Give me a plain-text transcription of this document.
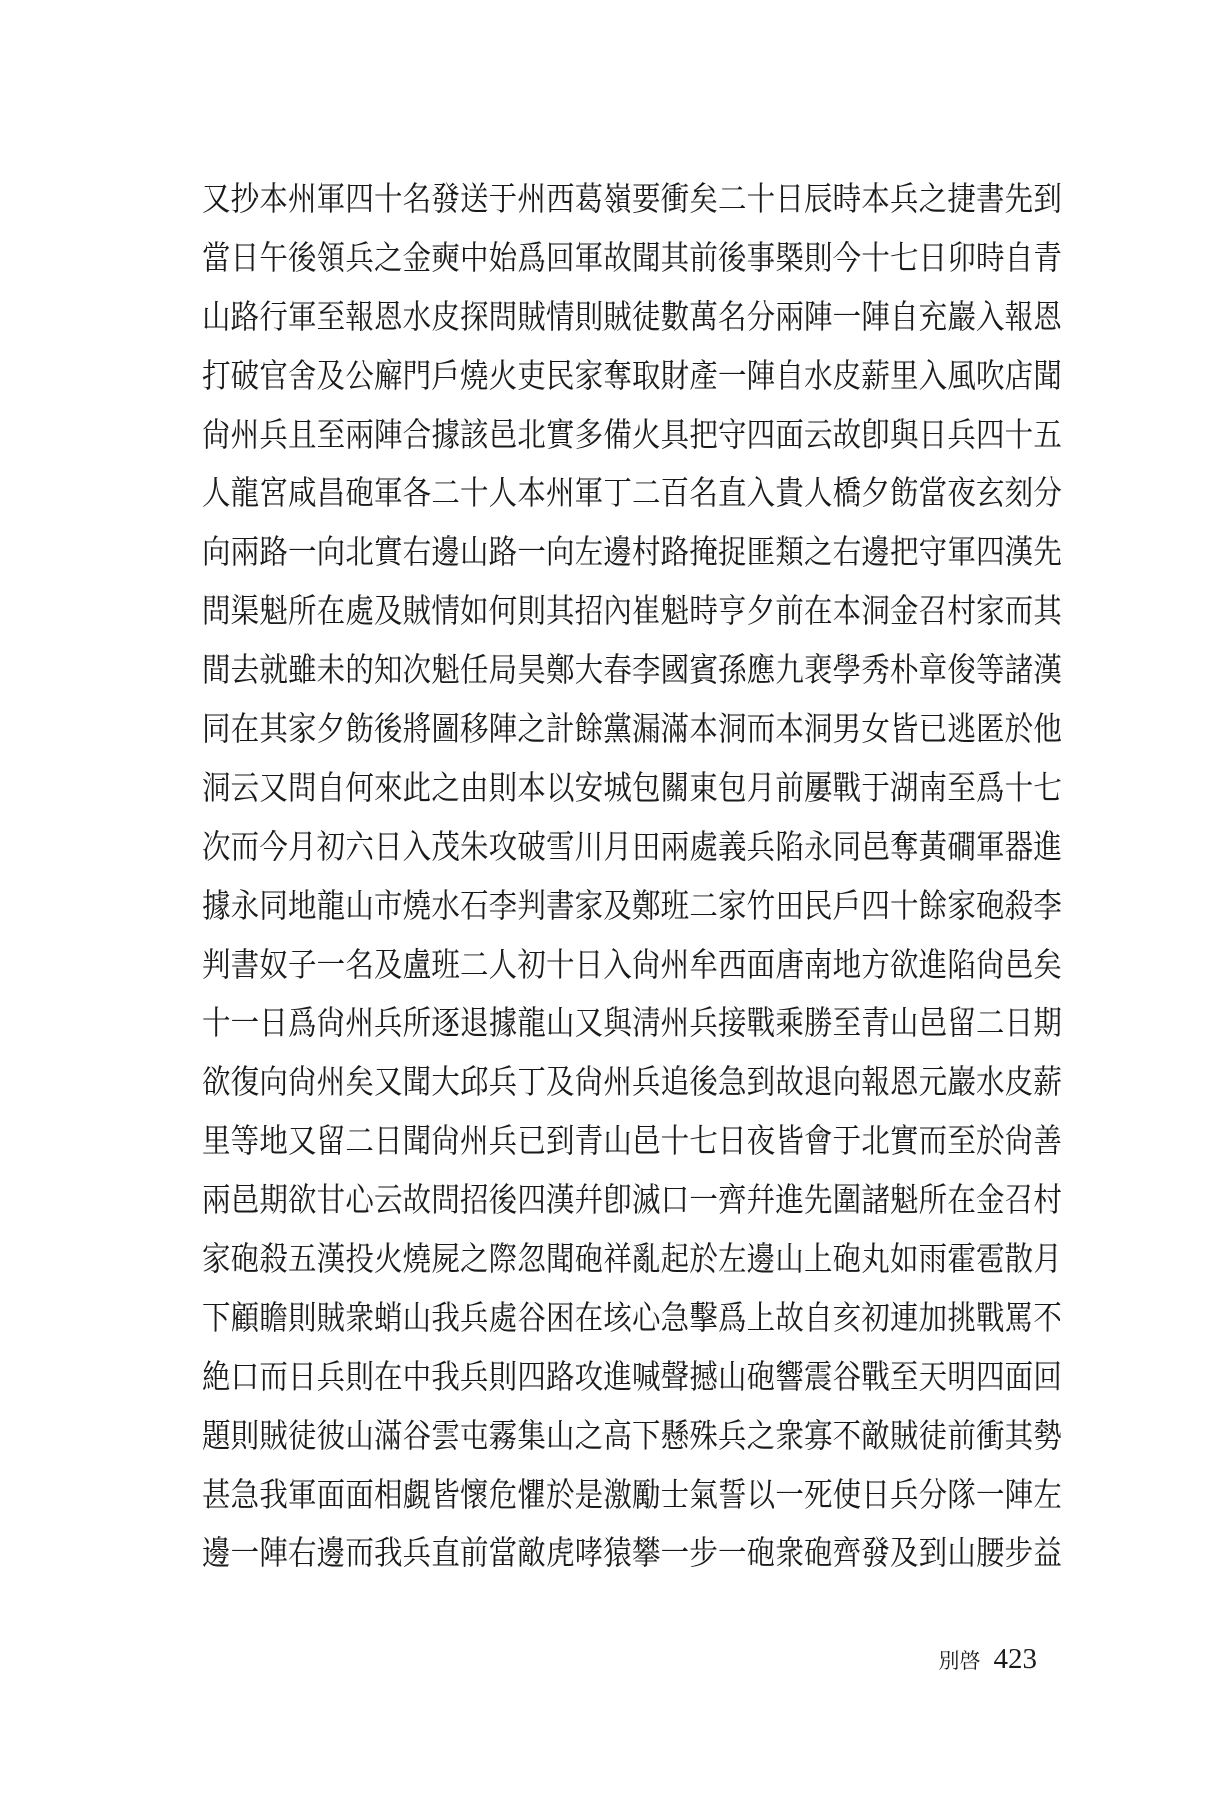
又抄本州軍四十名發送于州西葛嶺要衝矣二十日辰時本兵之捷書先到
當日午後領兵之金奭中始爲回軍故聞其前後事槩則今十七日卯時自青
山路行軍至報恩水皮探問賊情則賊徒數萬名分兩陣一陣自充巖入報恩
打破官舍及公廨門戶燒火吏民家奪取財產一陣自水皮薪里入風吹店聞
尙州兵且至兩陣合據該邑北實多備火具把守四面云故卽與日兵四十五
人龍宮咸昌砲軍各二十人本州軍丁二百名直入貴人橋夕飭當夜玄刻分
向兩路一向北實右邊山路一向左邊村路掩捉匪類之右邊把守軍四漢先
問渠魁所在處及賊情如何則其招內崔魁時亨夕前在本洞金召村家而其
間去就雖未的知次魁任局昊鄭大春李國賓孫應九裵學秀朴章俊等諸漢
同在其家夕飭後將圖移陣之計餘黨漏滿本洞而本洞男女皆已逃匿於他
洞云又問自何來此之由則本以安城包關東包月前屢戰于湖南至爲十七
次而今月初六日入茂朱攻破雪川月田兩處義兵陷永同邑奪黃磵軍器進
據永同地龍山市燒水石李判書家及鄭班二家竹田民戶四十餘家砲殺李
判書奴子一名及盧班二人初十日入尙州牟西面唐南地方欲進陷尙邑矣
十一日爲尙州兵所逐退據龍山又與淸州兵接戰乘勝至青山邑留二日期
欲復向尙州矣又聞大邱兵丁及尙州兵追後急到故退向報恩元巖水皮薪
里等地又留二日聞尙州兵已到青山邑十七日夜皆會于北實而至於尙善
兩邑期欲甘心云故問招後四漢幷卽滅口一齊幷進先圍諸魁所在金召村
家砲殺五漢投火燒屍之際忽聞砲祥亂起於左邊山上砲丸如雨霍雹散月
下顧瞻則賊衆蛸山我兵處谷困在垓心急擊爲上故自亥初連加挑戰罵不
絶口而日兵則在中我兵則四路攻進喊聲撼山砲響震谷戰至天明四面回
題則賊徒彼山滿谷雲屯霧集山之高下懸殊兵之衆寡不敵賊徒前衝其勢
甚急我軍面面相覷皆懷危懼於是激勵士氣誓以一死使日兵分隊一陣左
邊一陣右邊而我兵直前當敵虎哮猿攀一步一砲衆砲齊發及到山腰步益
別啓 423
